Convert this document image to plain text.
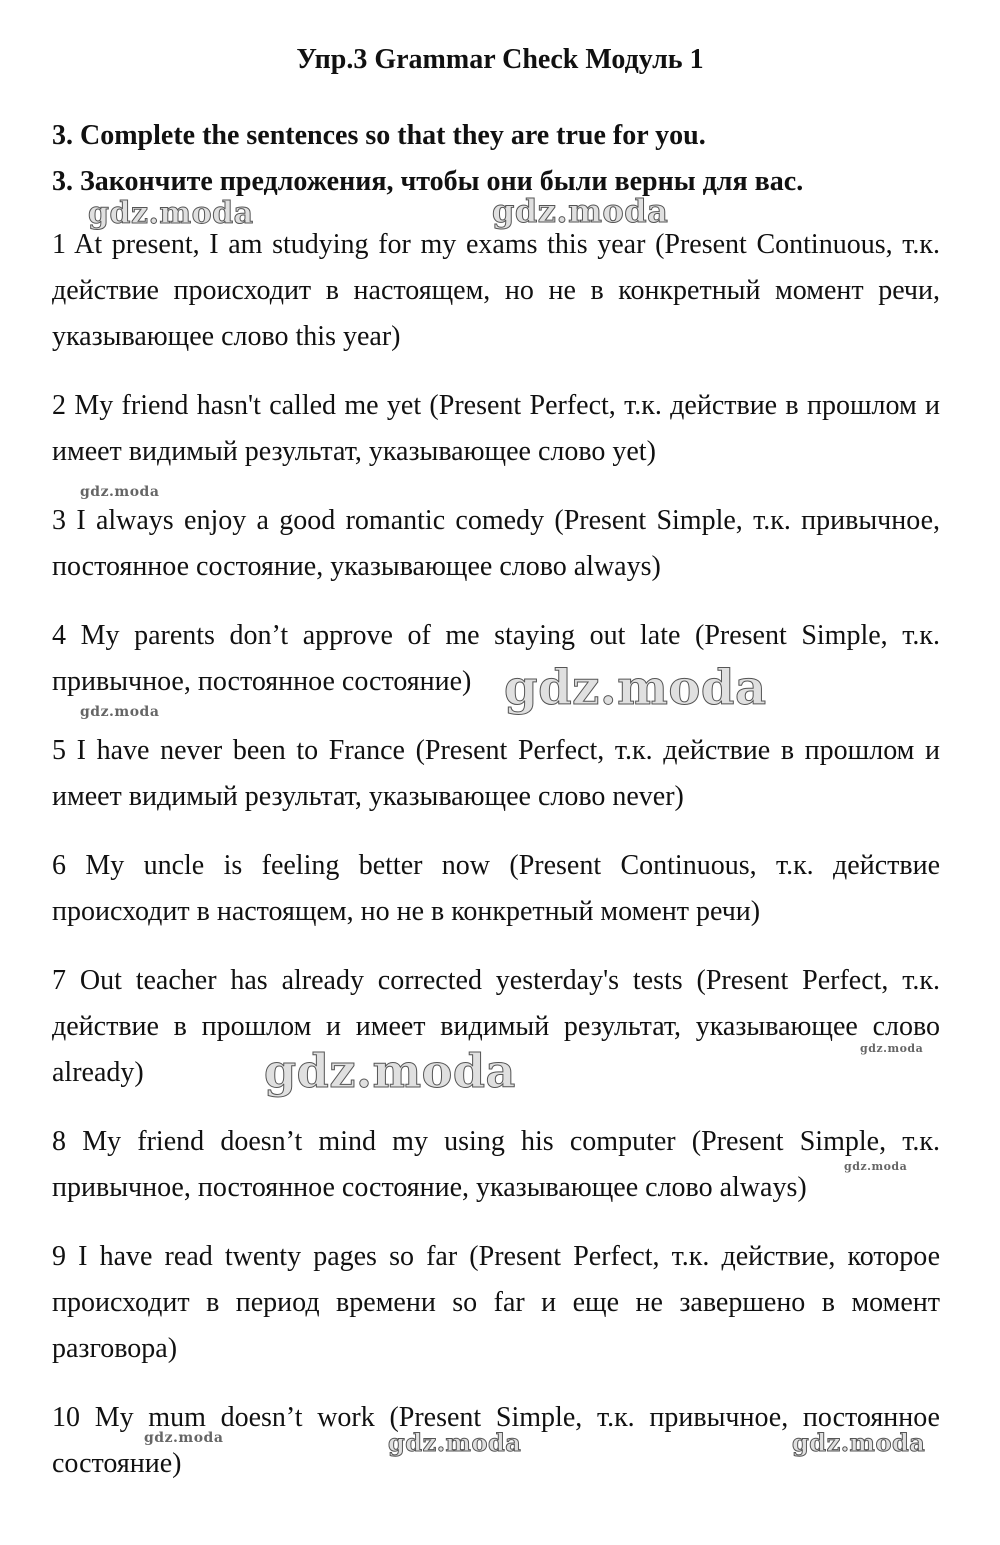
Упр.3 Grammar Check Модуль 1
3. Complete the sentences so that they are true for you.
3. Закончите предложения, чтобы они были верны для вас.

1 At present, I am studying for my exams this year (Present Continuous, т.к. действие происходит в настоящем, но не в конкретный момент речи, указывающее слово this year)

2 My friend hasn't called me yet (Present Perfect, т.к. действие в прошлом и имеет видимый результат, указывающее слово yet)

3 I always enjoy a good romantic comedy (Present Simple, т.к. привычное, постоянное состояние, указывающее слово always)

4 My parents don’t approve of me staying out late (Present Simple, т.к. привычное, постоянное состояние)

5 I have never been to France (Present Perfect, т.к. действие в прошлом и имеет видимый результат, указывающее слово never)

6 My uncle is feeling better now (Present Continuous, т.к. действие происходит в настоящем, но не в конкретный момент речи)

7 Out teacher has already corrected yesterday's tests (Present Perfect, т.к. действие в прошлом и имеет видимый результат, указывающее слово already)

8 My friend doesn’t mind my using his computer (Present Simple, т.к. привычное, постоянное состояние, указывающее слово always)

9 I have read twenty pages so far (Present Perfect, т.к. действие, которое происходит в период времени so far и еще не завершено в момент разговора)

10 My mum doesn’t work (Present Simple, т.к. привычное, постоянное состояние)

gdz.moda	gdz.moda
gdz.moda
gdz.moda
gdz.moda
gdz.moda
gdz.moda
gdz.moda
gdz.moda	gdz.moda	gdz.moda
